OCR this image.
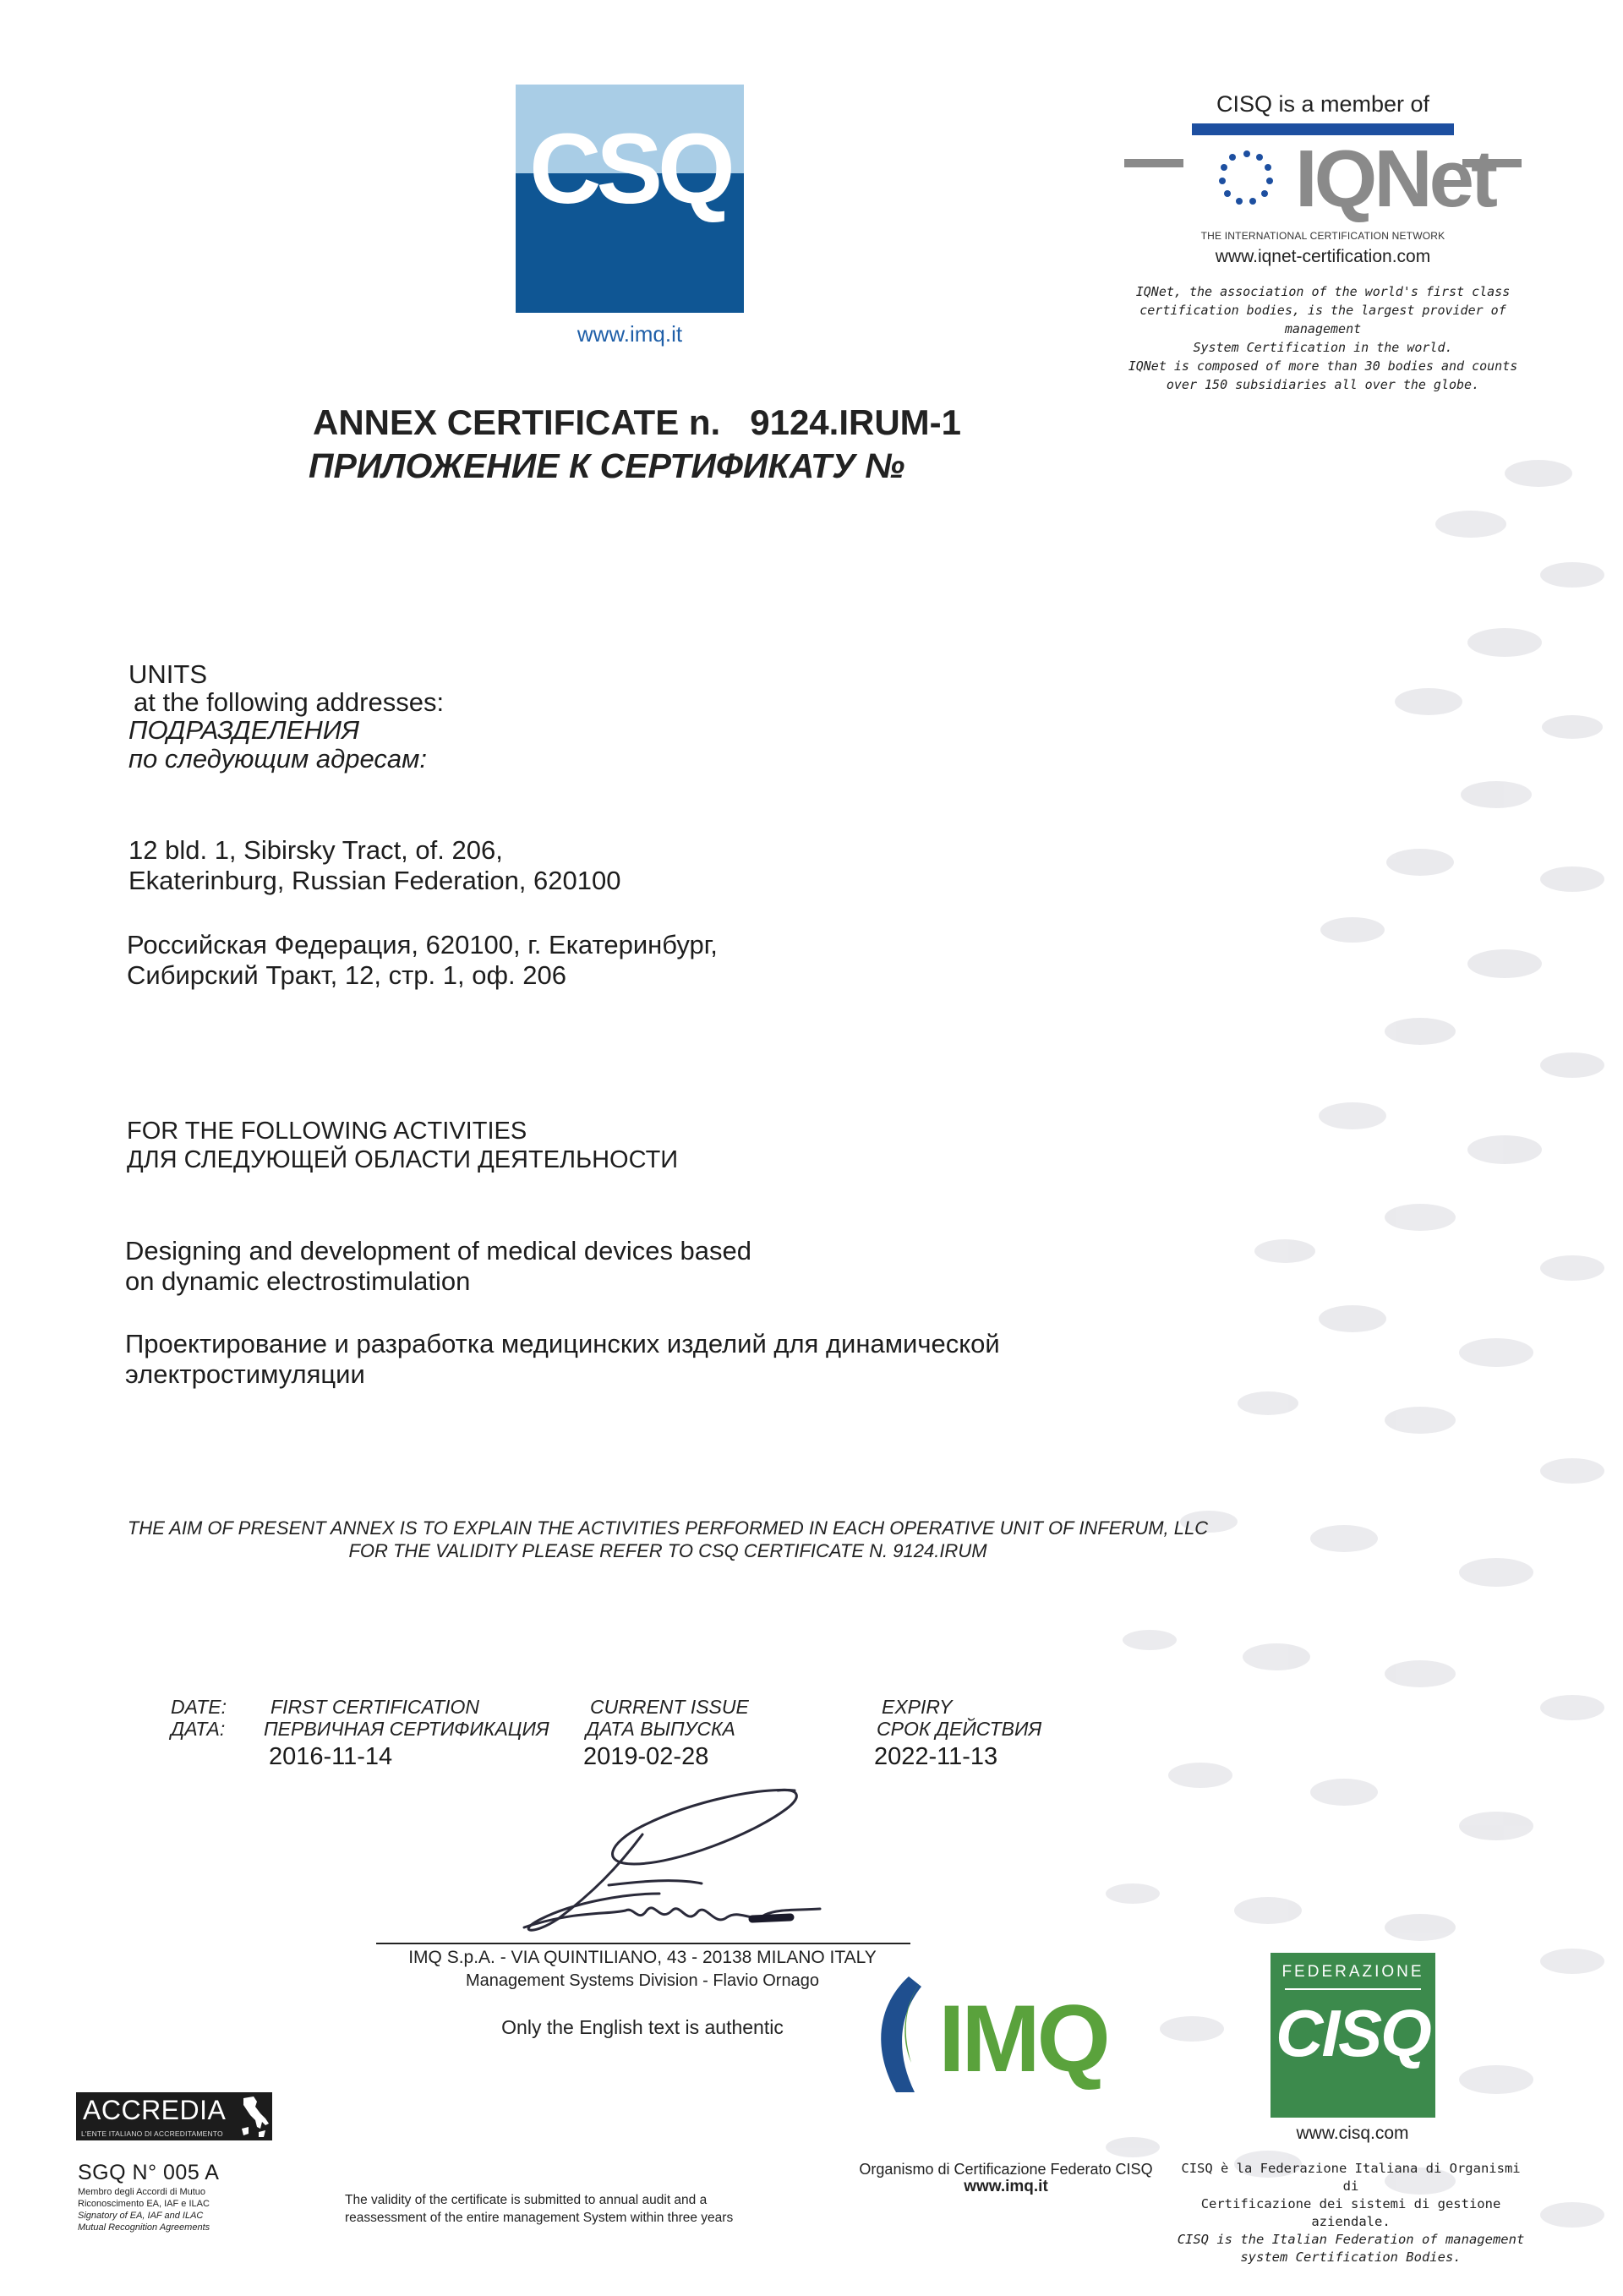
CSQ
www.imq.it
CISQ is a member of
IQNet
THE INTERNATIONAL CERTIFICATION NETWORK
www.iqnet-certification.com
IQNet, the association of the world's first class
certification bodies, is the largest provider of management
System Certification in the world.
IQNet is composed of more than 30 bodies and counts
over 150 subsidiaries all over the globe.
ANNEX CERTIFICATE n.   9124.IRUM-1
ПРИЛОЖЕНИЕ К СЕРТИФИКАТУ №
UNITS
at the following addresses:
ПОДРАЗДЕЛЕНИЯ
по следующим адресам:
12 bld. 1, Sibirsky Tract, of. 206,
Ekaterinburg, Russian Federation, 620100
Российская Федерация, 620100, г. Екатеринбург,
Сибирский Тракт, 12, стр. 1, оф. 206
FOR THE FOLLOWING ACTIVITIES
ДЛЯ СЛЕДУЮЩЕЙ ОБЛАСТИ ДЕЯТЕЛЬНОСТИ
Designing and development of medical devices based
on dynamic electrostimulation
Проектирование и разработка медицинских изделий для динамической
электростимуляции
THE AIM OF PRESENT ANNEX IS TO EXPLAIN THE ACTIVITIES PERFORMED IN EACH OPERATIVE UNIT OF INFERUM, LLC
FOR THE VALIDITY PLEASE REFER TO CSQ CERTIFICATE N. 9124.IRUM
DATE:
ДАТА:
FIRST CERTIFICATION
ПЕРВИЧНАЯ СЕРТИФИКАЦИЯ
2016-11-14
CURRENT ISSUE
ДАТА ВЫПУСКА
2019-02-28
EXPIRY
СРОК ДЕЙСТВИЯ
2022-11-13
IMQ S.p.A. - VIA QUINTILIANO, 43 - 20138 MILANO ITALY
Management Systems Division - Flavio Ornago
Only the English text is authentic	IMQ
Organismo di Certificazione Federato CISQ
www.imq.it
FEDERAZIONE
CISQ
www.cisq.com
CISQ è la Federazione Italiana di Organismi di
Certificazione dei sistemi di gestione aziendale.
CISQ is the Italian Federation of management
system Certification Bodies.
ACCREDIA
L'ENTE ITALIANO DI ACCREDITAMENTO
SGQ N° 005 A
Membro degli Accordi di Mutuo
Riconoscimento EA, IAF e ILAC
Signatory of EA, IAF and ILAC
Mutual Recognition Agreements
The validity of the certificate is submitted to annual audit and a
reassessment of the entire management System within three years
